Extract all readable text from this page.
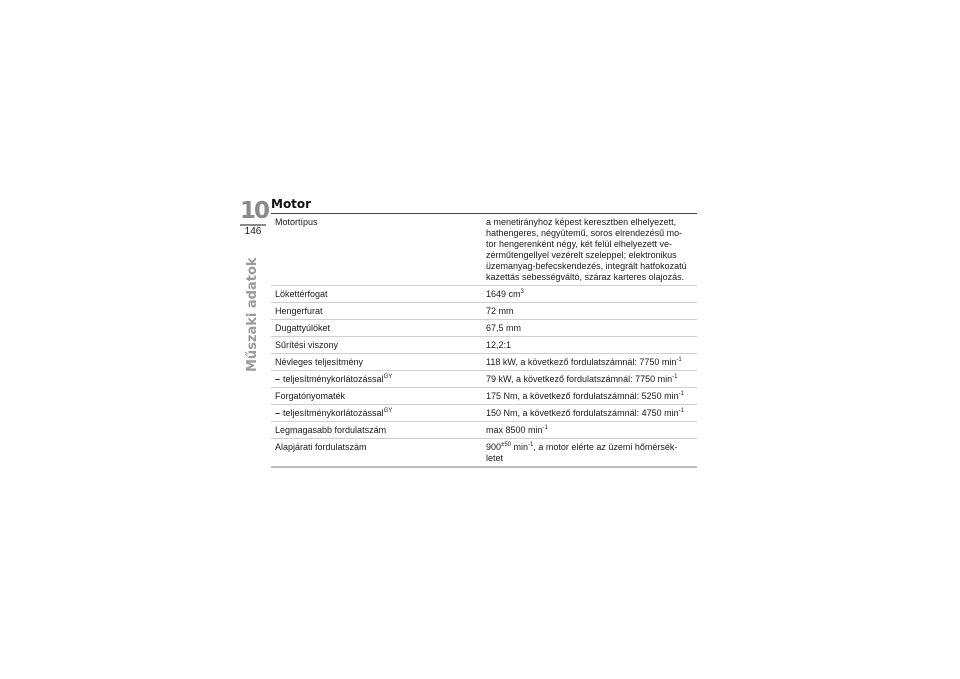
10
146
Műszaki adatok
Motor
Motortípus	a menetirányhoz képest keresztben elhelyezett,
hathengeres, négyütemű, soros elrendezésű mo-
tor hengerenként négy, két felül elhelyezett ve-
zérműtengellyel vezérelt szeleppel; elektronikus
üzemanyag-befecskendezés, integrált hatfokozatú
kazettás sebességváltó, száraz karteres olajozás.
Lökettérfogat	1649 $cm^3$
Hengerfurat	72 mm
Dugattyúlöket	67,5 mm
Sűrítési viszony	12,2:1
Névleges teljesítmény	118 kW, a következő fordulatszámnál: 7750 $\min^{-1}$
– teljesítménykorlátozással$^{GY}$	79 kW, a következő fordulatszámnál: 7750 $\min^{-1}$
Forgatónyomaték	175 Nm, a következő fordulatszámnál: 5250 $\min^{-1}$
– teljesítménykorlátozással$^{GY}$	150 Nm, a következő fordulatszámnál: 4750 $\min^{-1}$
Legmagasabb fordulatszám	max 8500 $\min^{-1}$
Alapjárati fordulatszám	$900^{\pm 50}$ $\min^{-1}$, a motor elérte az üzemi hőmérsék-
letet
